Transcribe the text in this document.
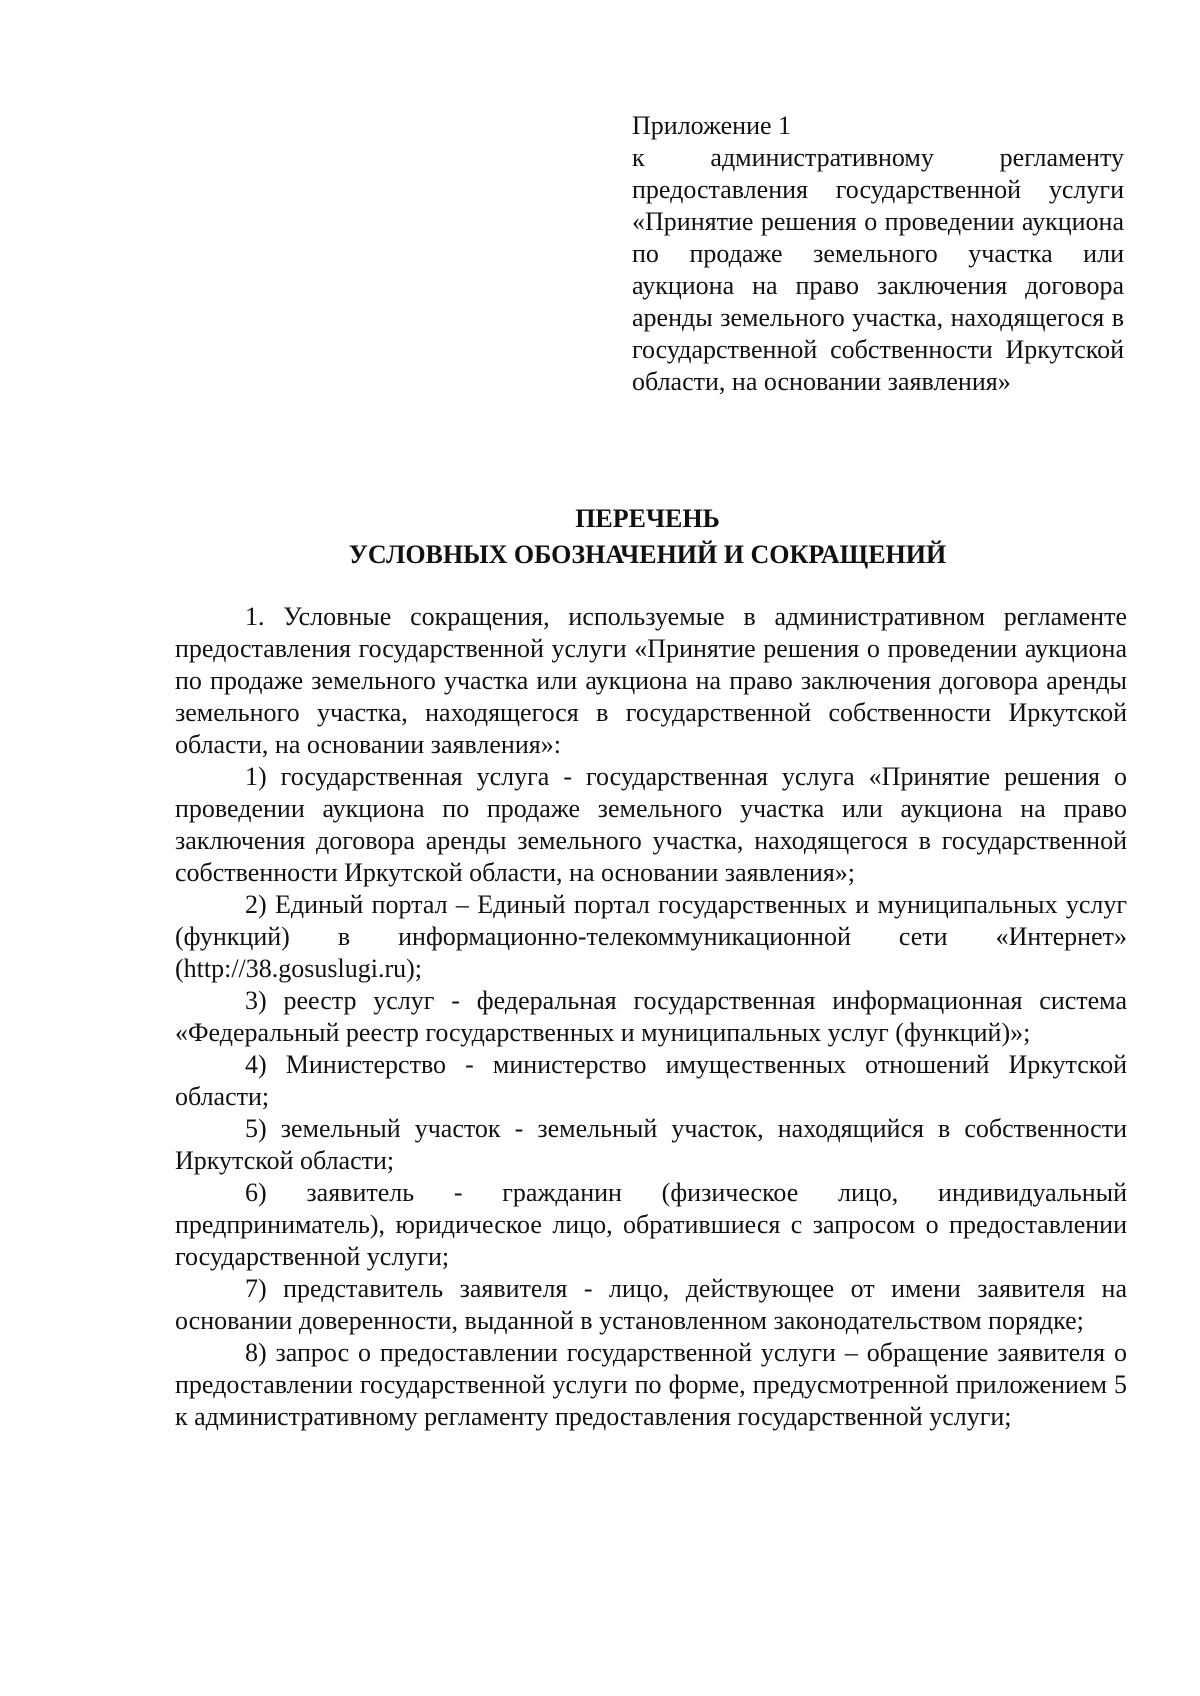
Приложение 1
к административному регламенту предоставления государственной услуги «Принятие решения о проведении аукциона по продаже земельного участка или аукциона на право заключения договора аренды земельного участка, находящегося в государственной собственности Иркутской области, на основании заявления»
ПЕРЕЧЕНЬ
УСЛОВНЫХ ОБОЗНАЧЕНИЙ И СОКРАЩЕНИЙ

1. Условные сокращения, используемые в административном регламенте предоставления государственной услуги «Принятие решения о проведении аукциона по продаже земельного участка или аукциона на право заключения договора аренды земельного участка, находящегося в государственной собственности Иркутской области, на основании заявления»:

1) государственная услуга - государственная услуга «Принятие решения о проведении аукциона по продаже земельного участка или аукциона на право заключения договора аренды земельного участка, находящегося в государственной собственности Иркутской области, на основании заявления»;

2) Единый портал – Единый портал государственных и муниципальных услуг (функций) в информационно-телекоммуникационной сети «Интернет» (http://38.gosuslugi.ru);

3) реестр услуг - федеральная государственная информационная система «Федеральный реестр государственных и муниципальных услуг (функций)»;

4) Министерство - министерство имущественных отношений Иркутской области;

5) земельный участок - земельный участок, находящийся в собственности Иркутской области;

6) заявитель - гражданин (физическое лицо, индивидуальный предприниматель), юридическое лицо, обратившиеся с запросом о предоставлении государственной услуги;

7) представитель заявителя - лицо, действующее от имени заявителя на основании доверенности, выданной в установленном законодательством порядке;

8) запрос о предоставлении государственной услуги – обращение заявителя о предоставлении государственной услуги по форме, предусмотренной приложением 5 к административному регламенту предоставления государственной услуги;
